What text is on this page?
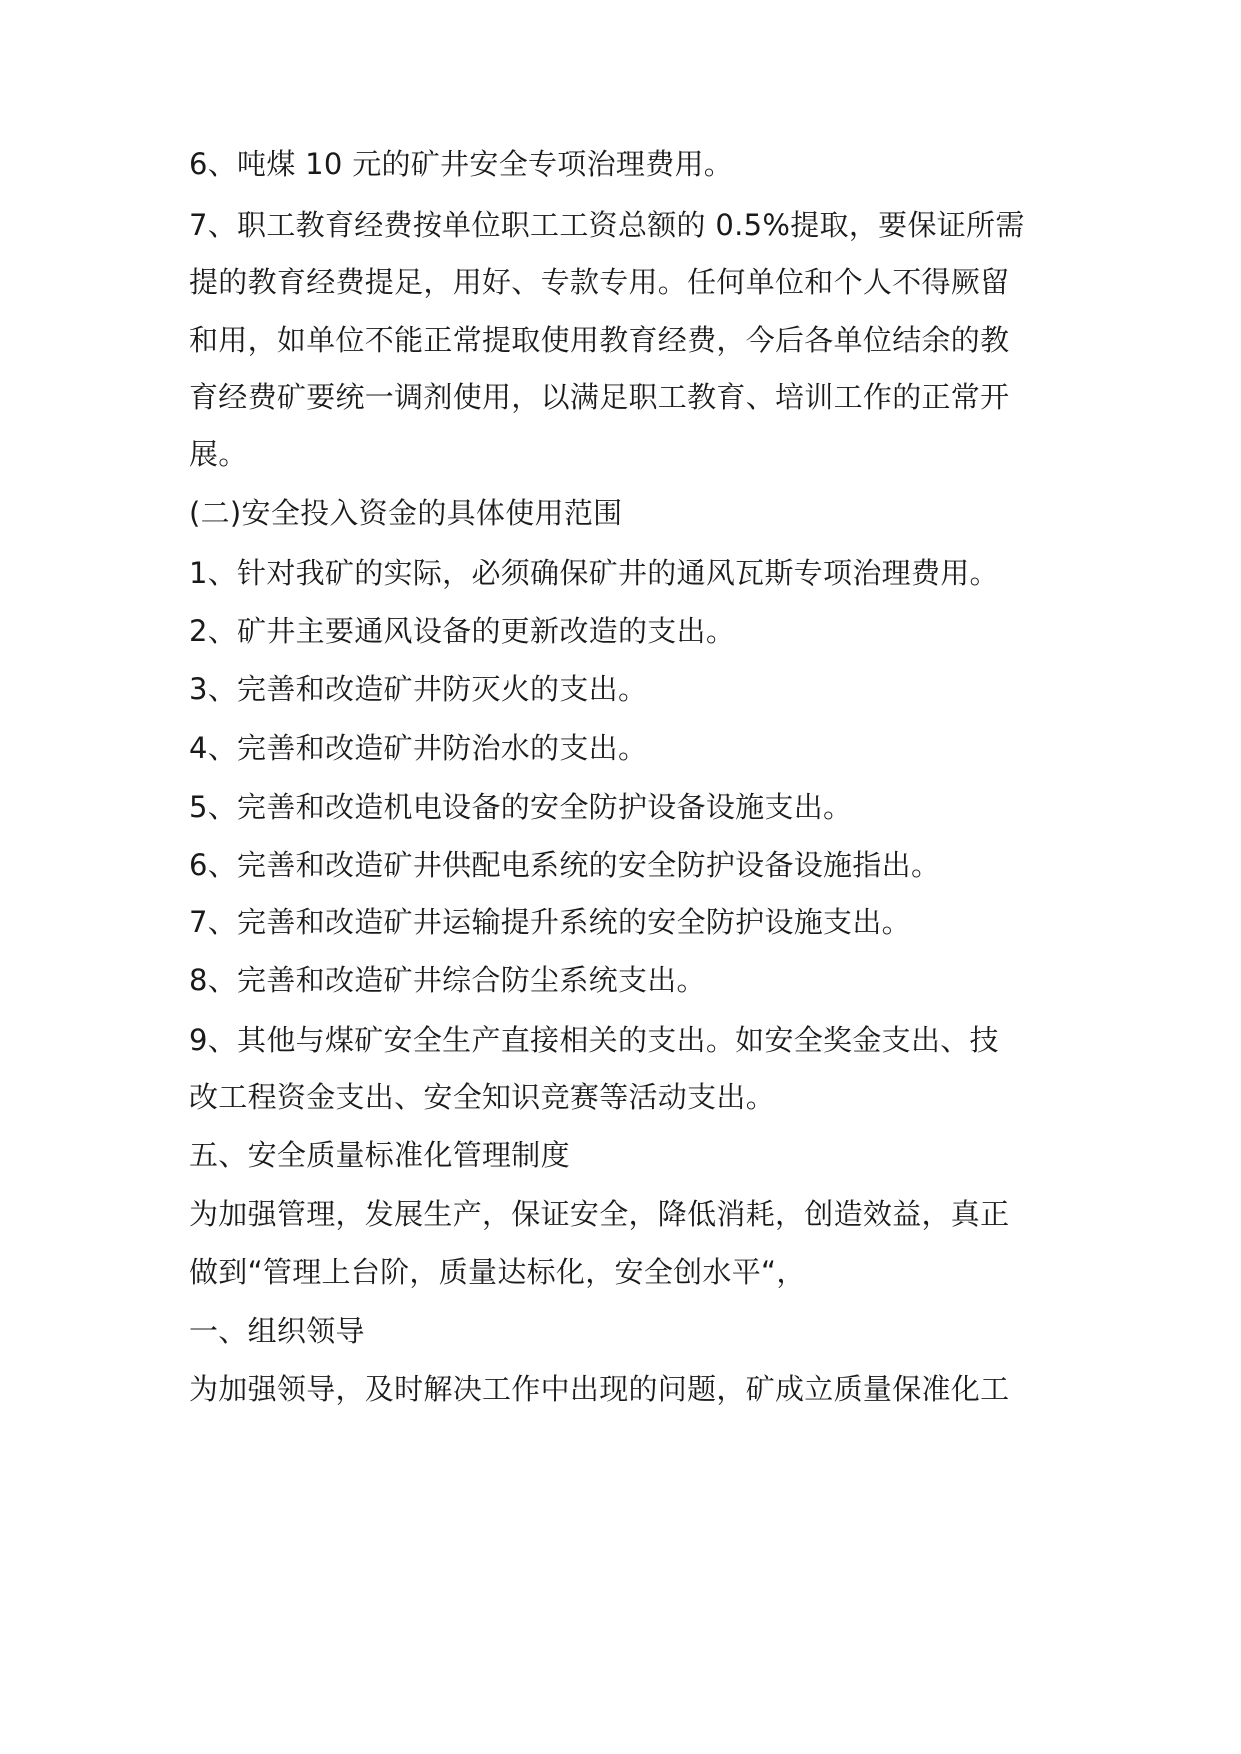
6、吨煤 10 元的矿井安全专项治理费用。
7、职工教育经费按单位职工工资总额的 0.5%提取，要保证所需
提的教育经费提足，用好、专款专用。任何单位和个人不得厥留
和用，如单位不能正常提取使用教育经费，今后各单位结余的教
育经费矿要统一调剂使用，以满足职工教育、培训工作的正常开
展。
(二)安全投入资金的具体使用范围
1、针对我矿的实际，必须确保矿井的通风瓦斯专项治理费用。
2、矿井主要通风设备的更新改造的支出。
3、完善和改造矿井防灭火的支出。
4、完善和改造矿井防治水的支出。
5、完善和改造机电设备的安全防护设备设施支出。
6、完善和改造矿井供配电系统的安全防护设备设施指出。
7、完善和改造矿井运输提升系统的安全防护设施支出。
8、完善和改造矿井综合防尘系统支出。
9、其他与煤矿安全生产直接相关的支出。如安全奖金支出、技
改工程资金支出、安全知识竞赛等活动支出。
五、安全质量标准化管理制度
为加强管理，发展生产，保证安全，降低消耗，创造效益，真正
做到“管理上台阶，质量达标化，安全创水平“，
一、组织领导
为加强领导，及时解决工作中出现的问题，矿成立质量保准化工
